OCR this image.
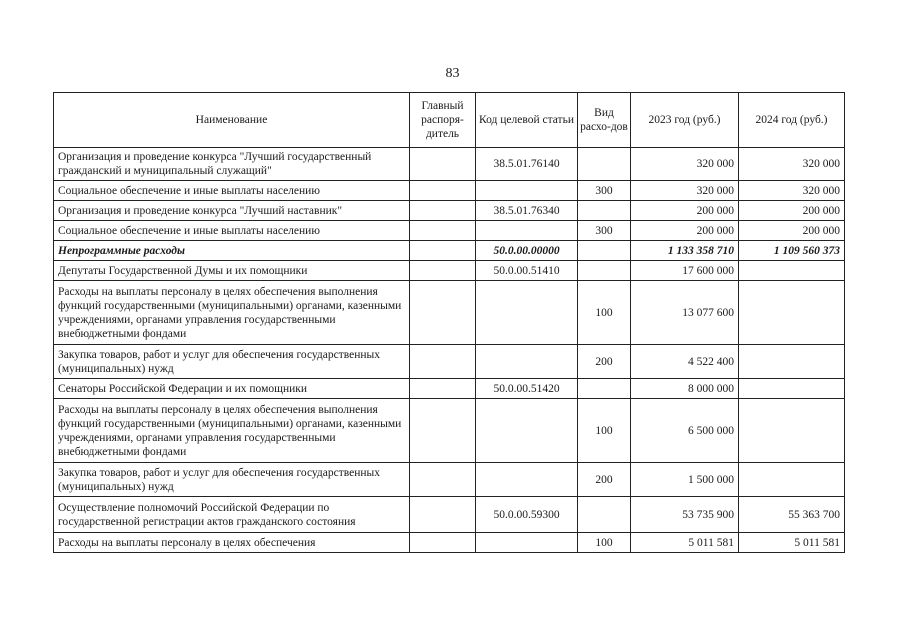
83
Наименование	Главный распоря-дитель	Код целевой статьи	Вид расхо-дов	2023 год (руб.)	2024 год (руб.)
Организация и проведение конкурса "Лучший государственный гражданский и муниципальный служащий"		38.5.01.76140		320 000	320 000
Социальное обеспечение и иные выплаты населению			300	320 000	320 000
Организация и проведение конкурса "Лучший наставник"		38.5.01.76340		200 000	200 000
Социальное обеспечение и иные выплаты населению			300	200 000	200 000
Непрограммные расходы		50.0.00.00000		1 133 358 710	1 109 560 373
Депутаты Государственной Думы и их помощники		50.0.00.51410		17 600 000	
Расходы на выплаты персоналу в целях обеспечения выполнения функций государственными (муниципальными) органами, казенными учреждениями, органами управления государственными внебюджетными фондами			100	13 077 600	
Закупка товаров, работ и услуг для обеспечения государственных (муниципальных) нужд			200	4 522 400	
Сенаторы Российской Федерации и их помощники		50.0.00.51420		8 000 000	
Расходы на выплаты персоналу в целях обеспечения выполнения функций государственными (муниципальными) органами, казенными учреждениями, органами управления государственными внебюджетными фондами			100	6 500 000	
Закупка товаров, работ и услуг для обеспечения государственных (муниципальных) нужд			200	1 500 000	
Осуществление полномочий Российской Федерации по государственной регистрации актов гражданского состояния		50.0.00.59300		53 735 900	55 363 700
Расходы на выплаты персоналу в целях обеспечения			100	5 011 581	5 011 581
